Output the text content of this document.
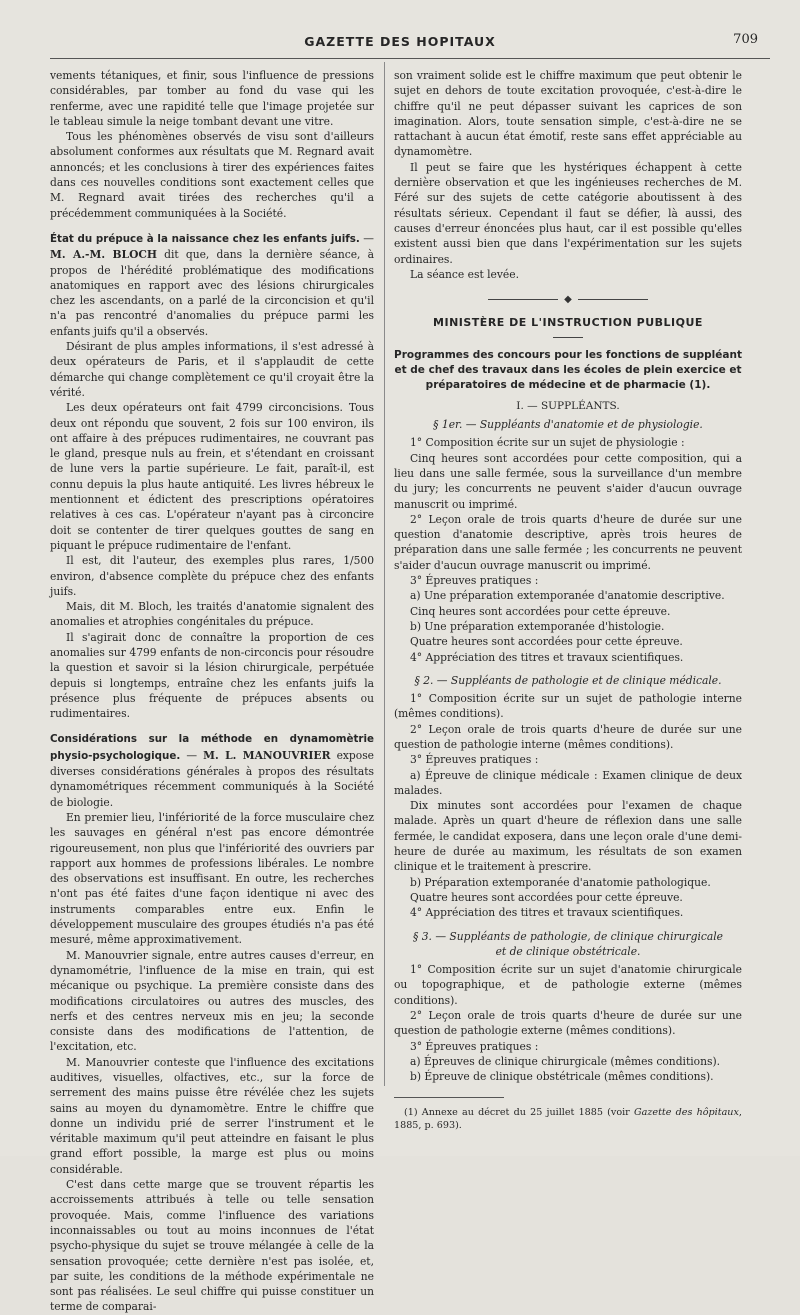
GAZETTE DES HOPITAUX	709

vements tétaniques, et finir, sous l'influence de pressions considérables, par tomber au fond du vase qui les renferme, avec une rapidité telle que l'image projetée sur le tableau simule la neige tombant devant une vitre.

Tous les phénomènes observés de visu sont d'ailleurs absolument conformes aux résultats que M. Regnard avait annoncés; et les conclusions à tirer des expériences faites dans ces nouvelles conditions sont exactement celles que M. Regnard avait tirées des recherches qu'il a précédemment communiquées à la Société.

État du prépuce à la naissance chez les enfants juifs. — M. A.-M. BLOCH dit que, dans la dernière séance, à propos de l'hérédité problématique des modifications anatomiques en rapport avec des lésions chirurgicales chez les ascendants, on a parlé de la circoncision et qu'il n'a pas rencontré d'anomalies du prépuce parmi les enfants juifs qu'il a observés.

Désirant de plus amples informations, il s'est adressé à deux opérateurs de Paris, et il s'applaudit de cette démarche qui change complètement ce qu'il croyait être la vérité.

Les deux opérateurs ont fait 4799 circoncisions. Tous deux ont répondu que souvent, 2 fois sur 100 environ, ils ont affaire à des prépuces rudimentaires, ne couvrant pas le gland, presque nuls au frein, et s'étendant en croissant de lune vers la partie supérieure. Le fait, paraît-il, est connu depuis la plus haute antiquité. Les livres hébreux le mentionnent et édictent des prescriptions opératoires relatives à ces cas. L'opérateur n'ayant pas à circoncire doit se contenter de tirer quelques gouttes de sang en piquant le prépuce rudimentaire de l'enfant.

Il est, dit l'auteur, des exemples plus rares, 1/500 environ, d'absence complète du prépuce chez des enfants juifs.

Mais, dit M. Bloch, les traités d'anatomie signalent des anomalies et atrophies congénitales du prépuce.

Il s'agirait donc de connaître la proportion de ces anomalies sur 4799 enfants de non-circoncis pour résoudre la question et savoir si la lésion chirurgicale, perpétuée depuis si longtemps, entraîne chez les enfants juifs la présence plus fréquente de prépuces absents ou rudimentaires.

Considérations sur la méthode en dynamomètrie physio-psychologique. — M. L. MANOUVRIER expose diverses considérations générales à propos des résultats dynamométriques récemment communiqués à la Société de biologie.

En premier lieu, l'infériorité de la force musculaire chez les sauvages en général n'est pas encore démontrée rigoureusement, non plus que l'infériorité des ouvriers par rapport aux hommes de professions libérales. Le nombre des observations est insuffisant. En outre, les recherches n'ont pas été faites d'une façon identique ni avec des instruments comparables entre eux. Enfin le développement musculaire des groupes étudiés n'a pas été mesuré, même approximativement.

M. Manouvrier signale, entre autres causes d'erreur, en dynamométrie, l'influence de la mise en train, qui est mécanique ou psychique. La première consiste dans des modifications circulatoires ou autres des muscles, des nerfs et des centres nerveux mis en jeu; la seconde consiste dans des modifications de l'attention, de l'excitation, etc.

M. Manouvrier conteste que l'influence des excitations auditives, visuelles, olfactives, etc., sur la force de serrement des mains puisse être révélée chez les sujets sains au moyen du dynamomètre. Entre le chiffre que donne un individu prié de serrer l'instrument et le véritable maximum qu'il peut atteindre en faisant le plus grand effort possible, la marge est plus ou moins considérable.

C'est dans cette marge que se trouvent répartis les accroissements attribués à telle ou telle sensation provoquée. Mais, comme l'influence des variations inconnaissables ou tout au moins inconnues de l'état psycho-physique du sujet se trouve mélangée à celle de la sensation provoquée; cette dernière n'est pas isolée, et, par suite, les conditions de la méthode expérimentale ne sont pas réalisées. Le seul chiffre qui puisse constituer un terme de comparai-

son vraiment solide est le chiffre maximum que peut obtenir le sujet en dehors de toute excitation provoquée, c'est-à-dire le chiffre qu'il ne peut dépasser suivant les caprices de son imagination. Alors, toute sensation simple, c'est-à-dire ne se rattachant à aucun état émotif, reste sans effet appréciable au dynamomètre.

Il peut se faire que les hystériques échappent à cette dernière observation et que les ingénieuses recherches de M. Féré sur des sujets de cette catégorie aboutissent à des résultats sérieux. Cependant il faut se défier, là aussi, des causes d'erreur énoncées plus haut, car il est possible qu'elles existent aussi bien que dans l'expérimentation sur les sujets ordinaires.

La séance est levée.

◆
MINISTÈRE DE L'INSTRUCTION PUBLIQUE
Programmes des concours pour les fonctions de suppléant et de chef des travaux dans les écoles de plein exercice et préparatoires de médecine et de pharmacie (1).

I. — SUPPLÉANTS.

§ 1er. — Suppléants d'anatomie et de physiologie.

1° Composition écrite sur un sujet de physiologie :

Cinq heures sont accordées pour cette composition, qui a lieu dans une salle fermée, sous la surveillance d'un membre du jury; les concurrents ne peuvent s'aider d'aucun ouvrage manuscrit ou imprimé.

2° Leçon orale de trois quarts d'heure de durée sur une question d'anatomie descriptive, après trois heures de préparation dans une salle fermée ; les concurrents ne peuvent s'aider d'aucun ouvrage manuscrit ou imprimé.

3° Épreuves pratiques :

a) Une préparation extemporanée d'anatomie descriptive.

Cinq heures sont accordées pour cette épreuve.

b) Une préparation extemporanée d'histologie.

Quatre heures sont accordées pour cette épreuve.

4° Appréciation des titres et travaux scientifiques.

§ 2. — Suppléants de pathologie et de clinique médicale.

1° Composition écrite sur un sujet de pathologie interne (mêmes conditions).

2° Leçon orale de trois quarts d'heure de durée sur une question de pathologie interne (mêmes conditions).

3° Épreuves pratiques :

a) Épreuve de clinique médicale : Examen clinique de deux malades.

Dix minutes sont accordées pour l'examen de chaque malade. Après un quart d'heure de réflexion dans une salle fermée, le candidat exposera, dans une leçon orale d'une demi-heure de durée au maximum, les résultats de son examen clinique et le traitement à prescrire.

b) Préparation extemporanée d'anatomie pathologique.

Quatre heures sont accordées pour cette épreuve.

4° Appréciation des titres et travaux scientifiques.

§ 3. — Suppléants de pathologie, de clinique chirurgicale

et de clinique obstétricale.

1° Composition écrite sur un sujet d'anatomie chirurgicale ou topographique, et de pathologie externe (mêmes conditions).

2° Leçon orale de trois quarts d'heure de durée sur une question de pathologie externe (mêmes conditions).

3° Épreuves pratiques :

a) Épreuves de clinique chirurgicale (mêmes conditions).

b) Épreuve de clinique obstétricale (mêmes conditions).

(1) Annexe au décret du 25 juillet 1885 (voir Gazette des hôpitaux, 1885, p. 693).
